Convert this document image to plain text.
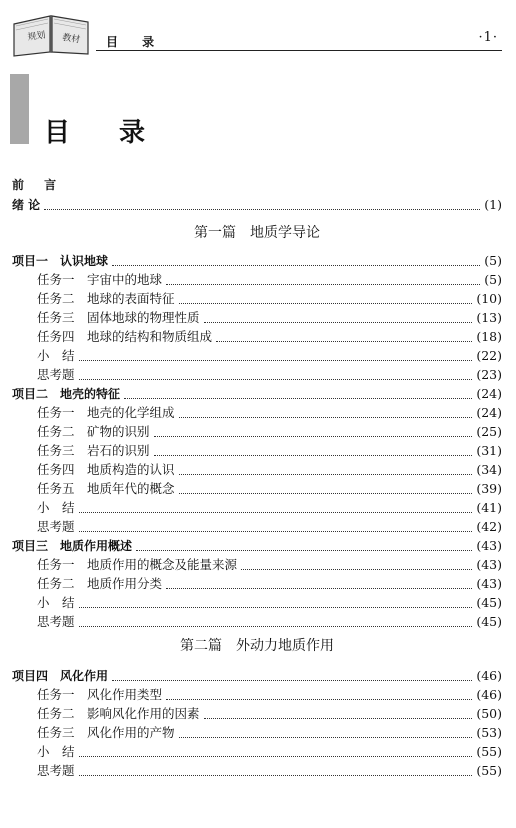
规划 教材 目 录	·1·
目 录
前 言
绪 论	(1)
第一篇　地质学导论
项目一　认识地球	(5)
任务一　宇宙中的地球	(5)
任务二　地球的表面特征	(10)
任务三　固体地球的物理性质	(13)
任务四　地球的结构和物质组成	(18)
小　结	(22)
思考题	(23)
项目二　地壳的特征	(24)
任务一　地壳的化学组成	(24)
任务二　矿物的识别	(25)
任务三　岩石的识别	(31)
任务四　地质构造的认识	(34)
任务五　地质年代的概念	(39)
小　结	(41)
思考题	(42)
项目三　地质作用概述	(43)
任务一　地质作用的概念及能量来源	(43)
任务二　地质作用分类	(43)
小　结	(45)
思考题	(45)
第二篇　外动力地质作用
项目四　风化作用	(46)
任务一　风化作用类型	(46)
任务二　影响风化作用的因素	(50)
任务三　风化作用的产物	(53)
小　结	(55)
思考题	(55)
